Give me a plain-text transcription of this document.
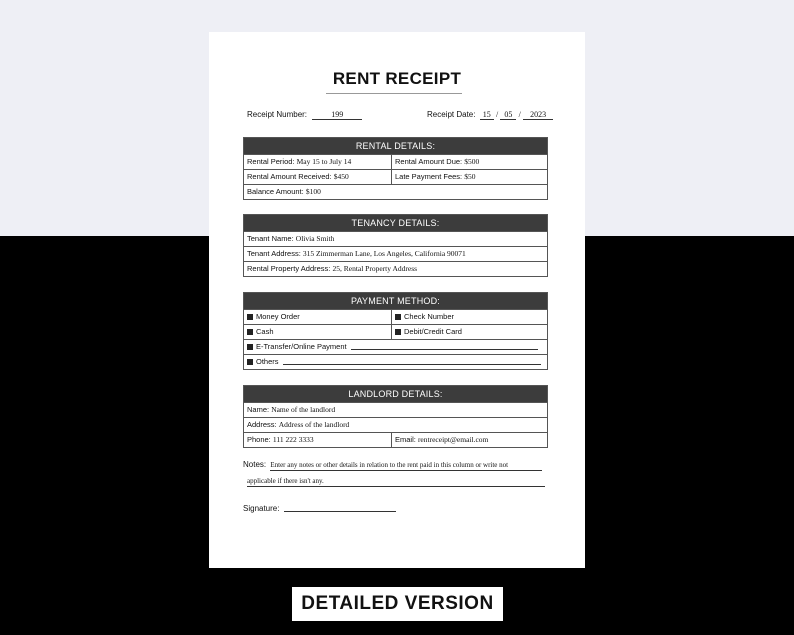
RENT RECEIPT
Receipt Number:	199	Receipt Date: 15 / 05 / 2023
RENTAL DETAILS:
Rental Period: May 15 to July 14	Rental Amount Due: $500
Rental Amount Received: $450	Late Payment Fees: $50
Balance Amount: $100
TENANCY DETAILS:
Tenant Name: Olivia Smith
Tenant Address: 315 Zimmerman Lane, Los Angeles, California 90071
Rental Property Address: 25, Rental Property Address
PAYMENT METHOD:
Money Order	Check Number
Cash	Debit/Credit Card
E-Transfer/Online Payment
Others
LANDLORD DETAILS:
Name: Name of the landlord
Address: Address of the landlord
Phone: 111 222 3333	Email: rentreceipt@email.com
Notes: Enter any notes or other details in relation to the rent paid in this column or write not
applicable if there isn't any.
Signature:
DETAILED VERSION
